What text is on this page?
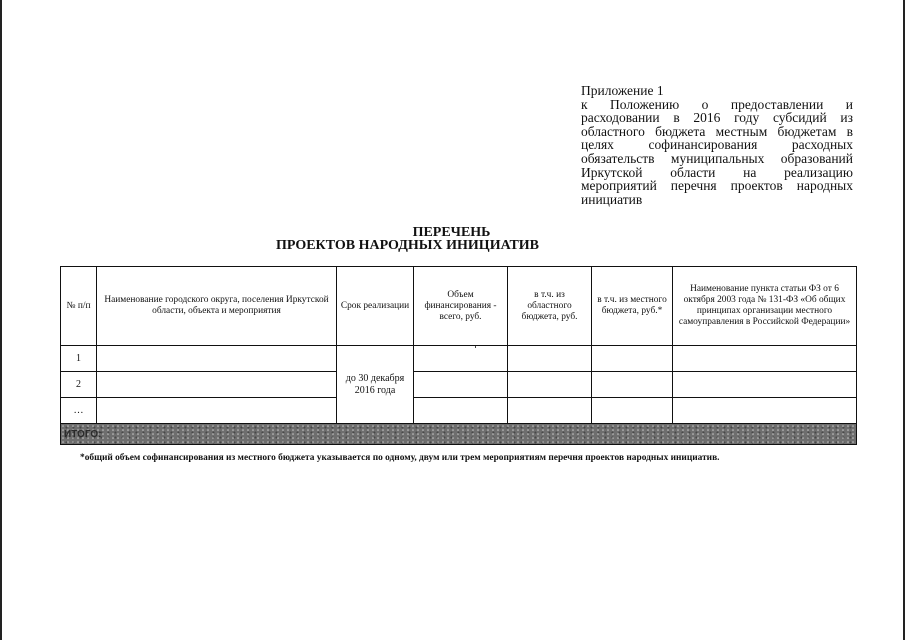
Приложение 1
к Положению о предоставлении и расходовании в 2016 году субсидий из областного бюджета местным бюджетам в целях софинансирования расходных обязательств муниципальных образований Иркутской области на реализацию мероприятий перечня проектов народных инициатив
ПЕРЕЧЕНЬ
ПРОЕКТОВ НАРОДНЫХ ИНИЦИАТИВ
№ п/п	Наименование городского округа, поселения Иркутской области, объекта и мероприятия	Срок реализации	Объем финансирования - всего, руб.	в т.ч. из областного бюджета, руб.	в т.ч. из местного бюджета, руб.*	Наименование пункта статьи ФЗ от 6 октября 2003 года № 131-ФЗ «Об общих принципах организации местного самоуправления в Российской Федерации»
1		до 30 декабря 2016 года				
2						
…						
ИТОГО:						
*общий объем софинансирования из местного бюджета указывается по одному, двум или трем мероприятиям перечня проектов народных инициатив.
